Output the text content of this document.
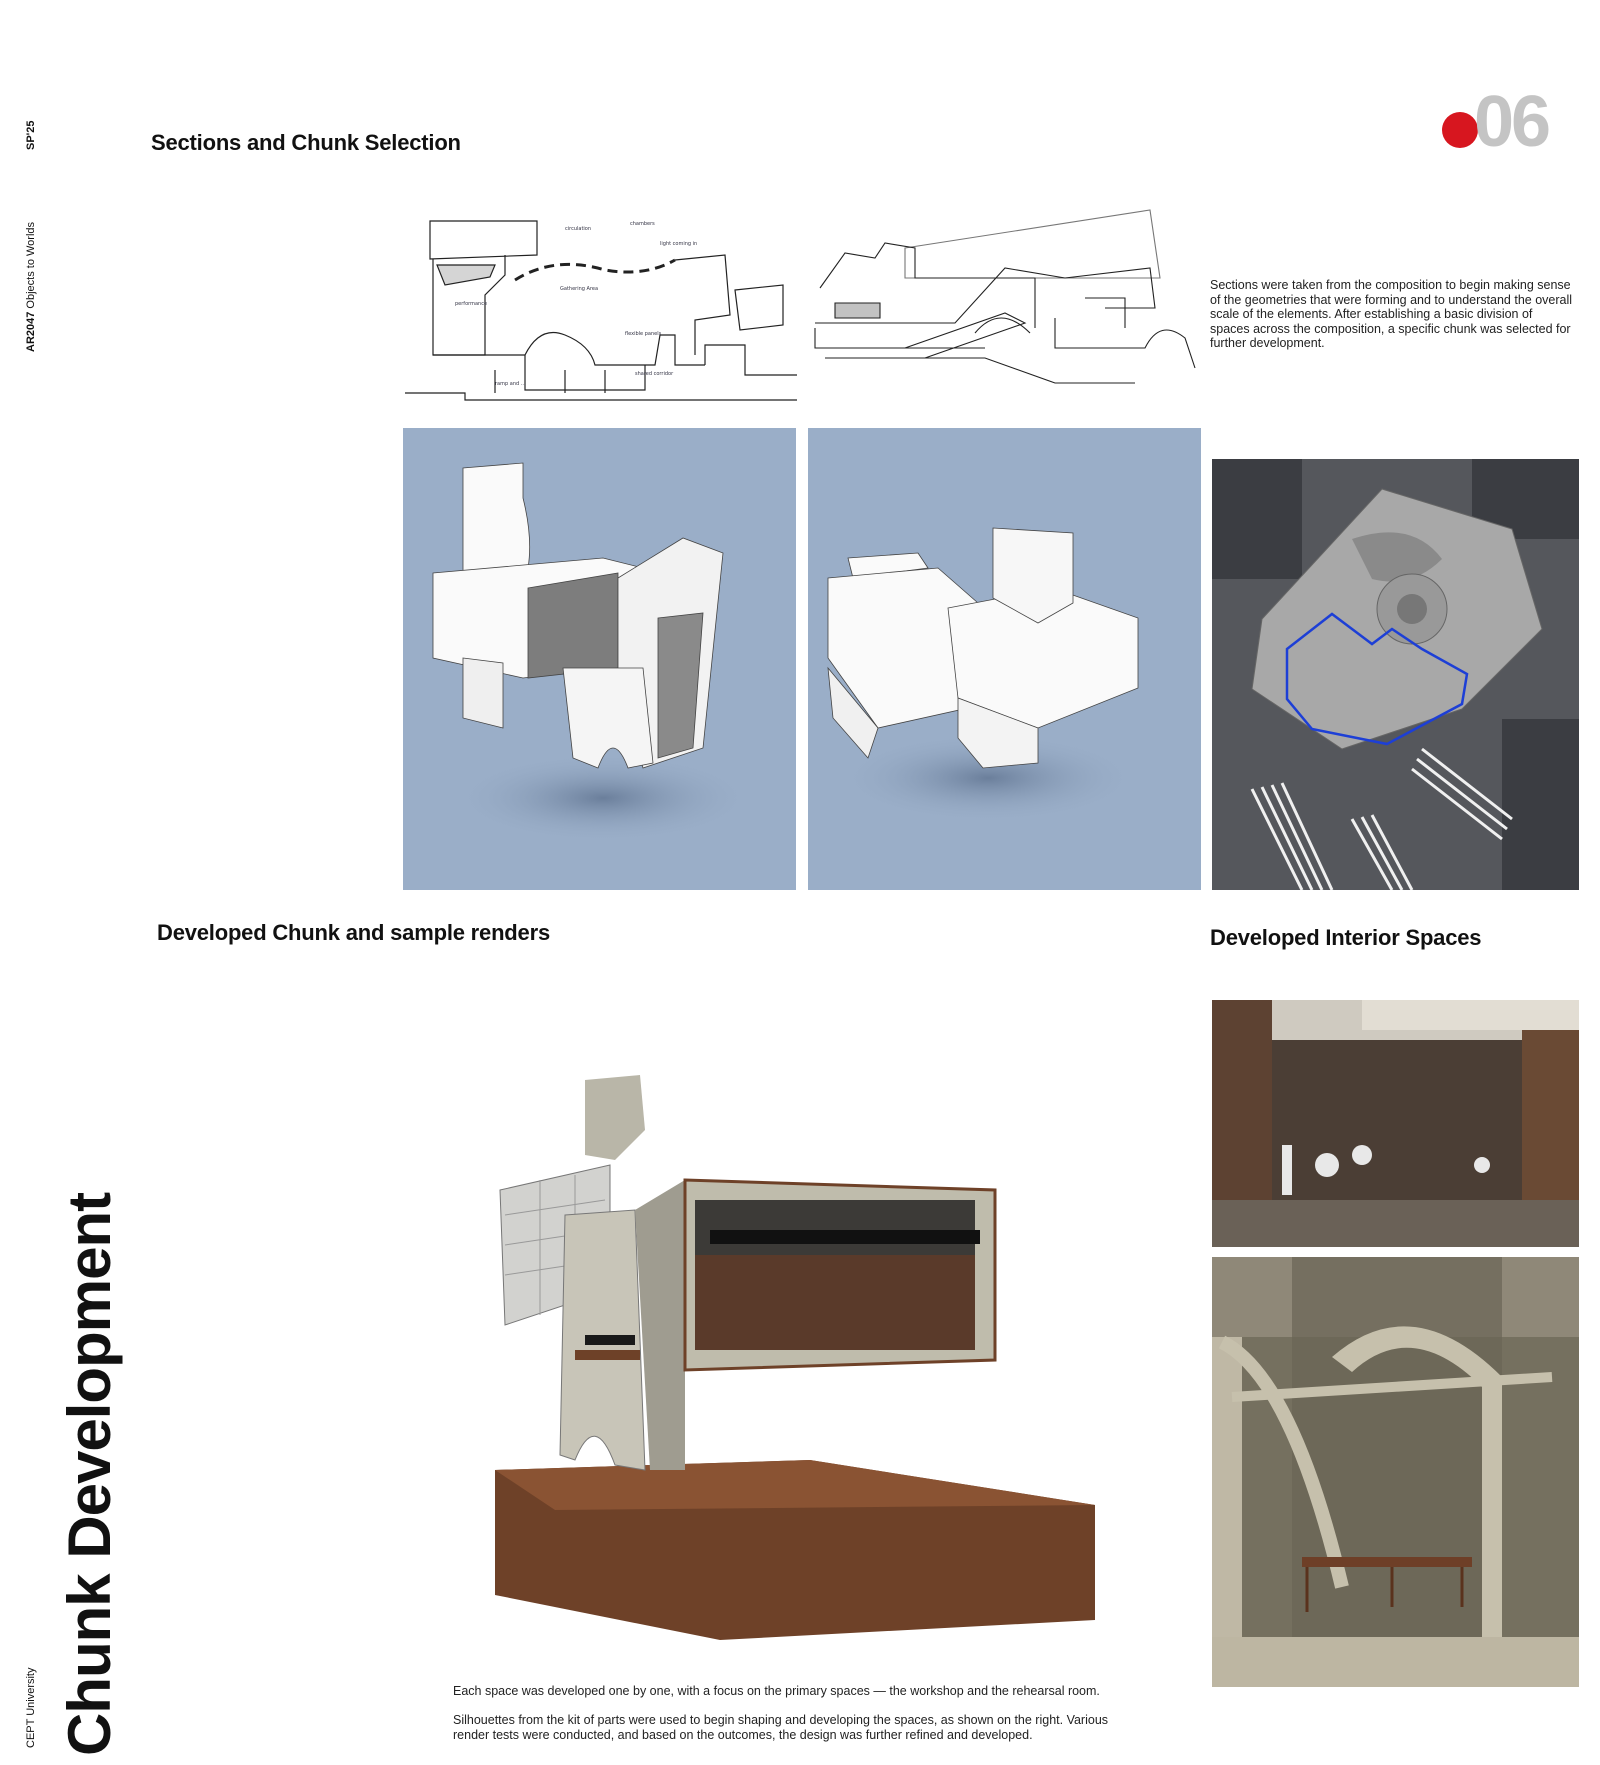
SP'25
AR2047 Objects to Worlds
CEPT University Chunk Development
06
Sections and Chunk Selection
Developed Chunk and sample renders	Developed Interior Spaces
Sections were taken from the composition to begin making sense of the geometries that were forming and to understand the overall scale of the elements. After establishing a basic division of spaces across the composition, a specific chunk was selected for further development.
circulation
chambers
light coming in
performance
Gathering Area
flexible panels
shared corridor
ramp and ...
Each space was developed one by one, with a focus on the primary spaces — the workshop and the rehearsal room.
Silhouettes from the kit of parts were used to begin shaping and developing the spaces, as shown on the right. Various render tests were conducted, and based on the outcomes, the design was further refined and developed.
